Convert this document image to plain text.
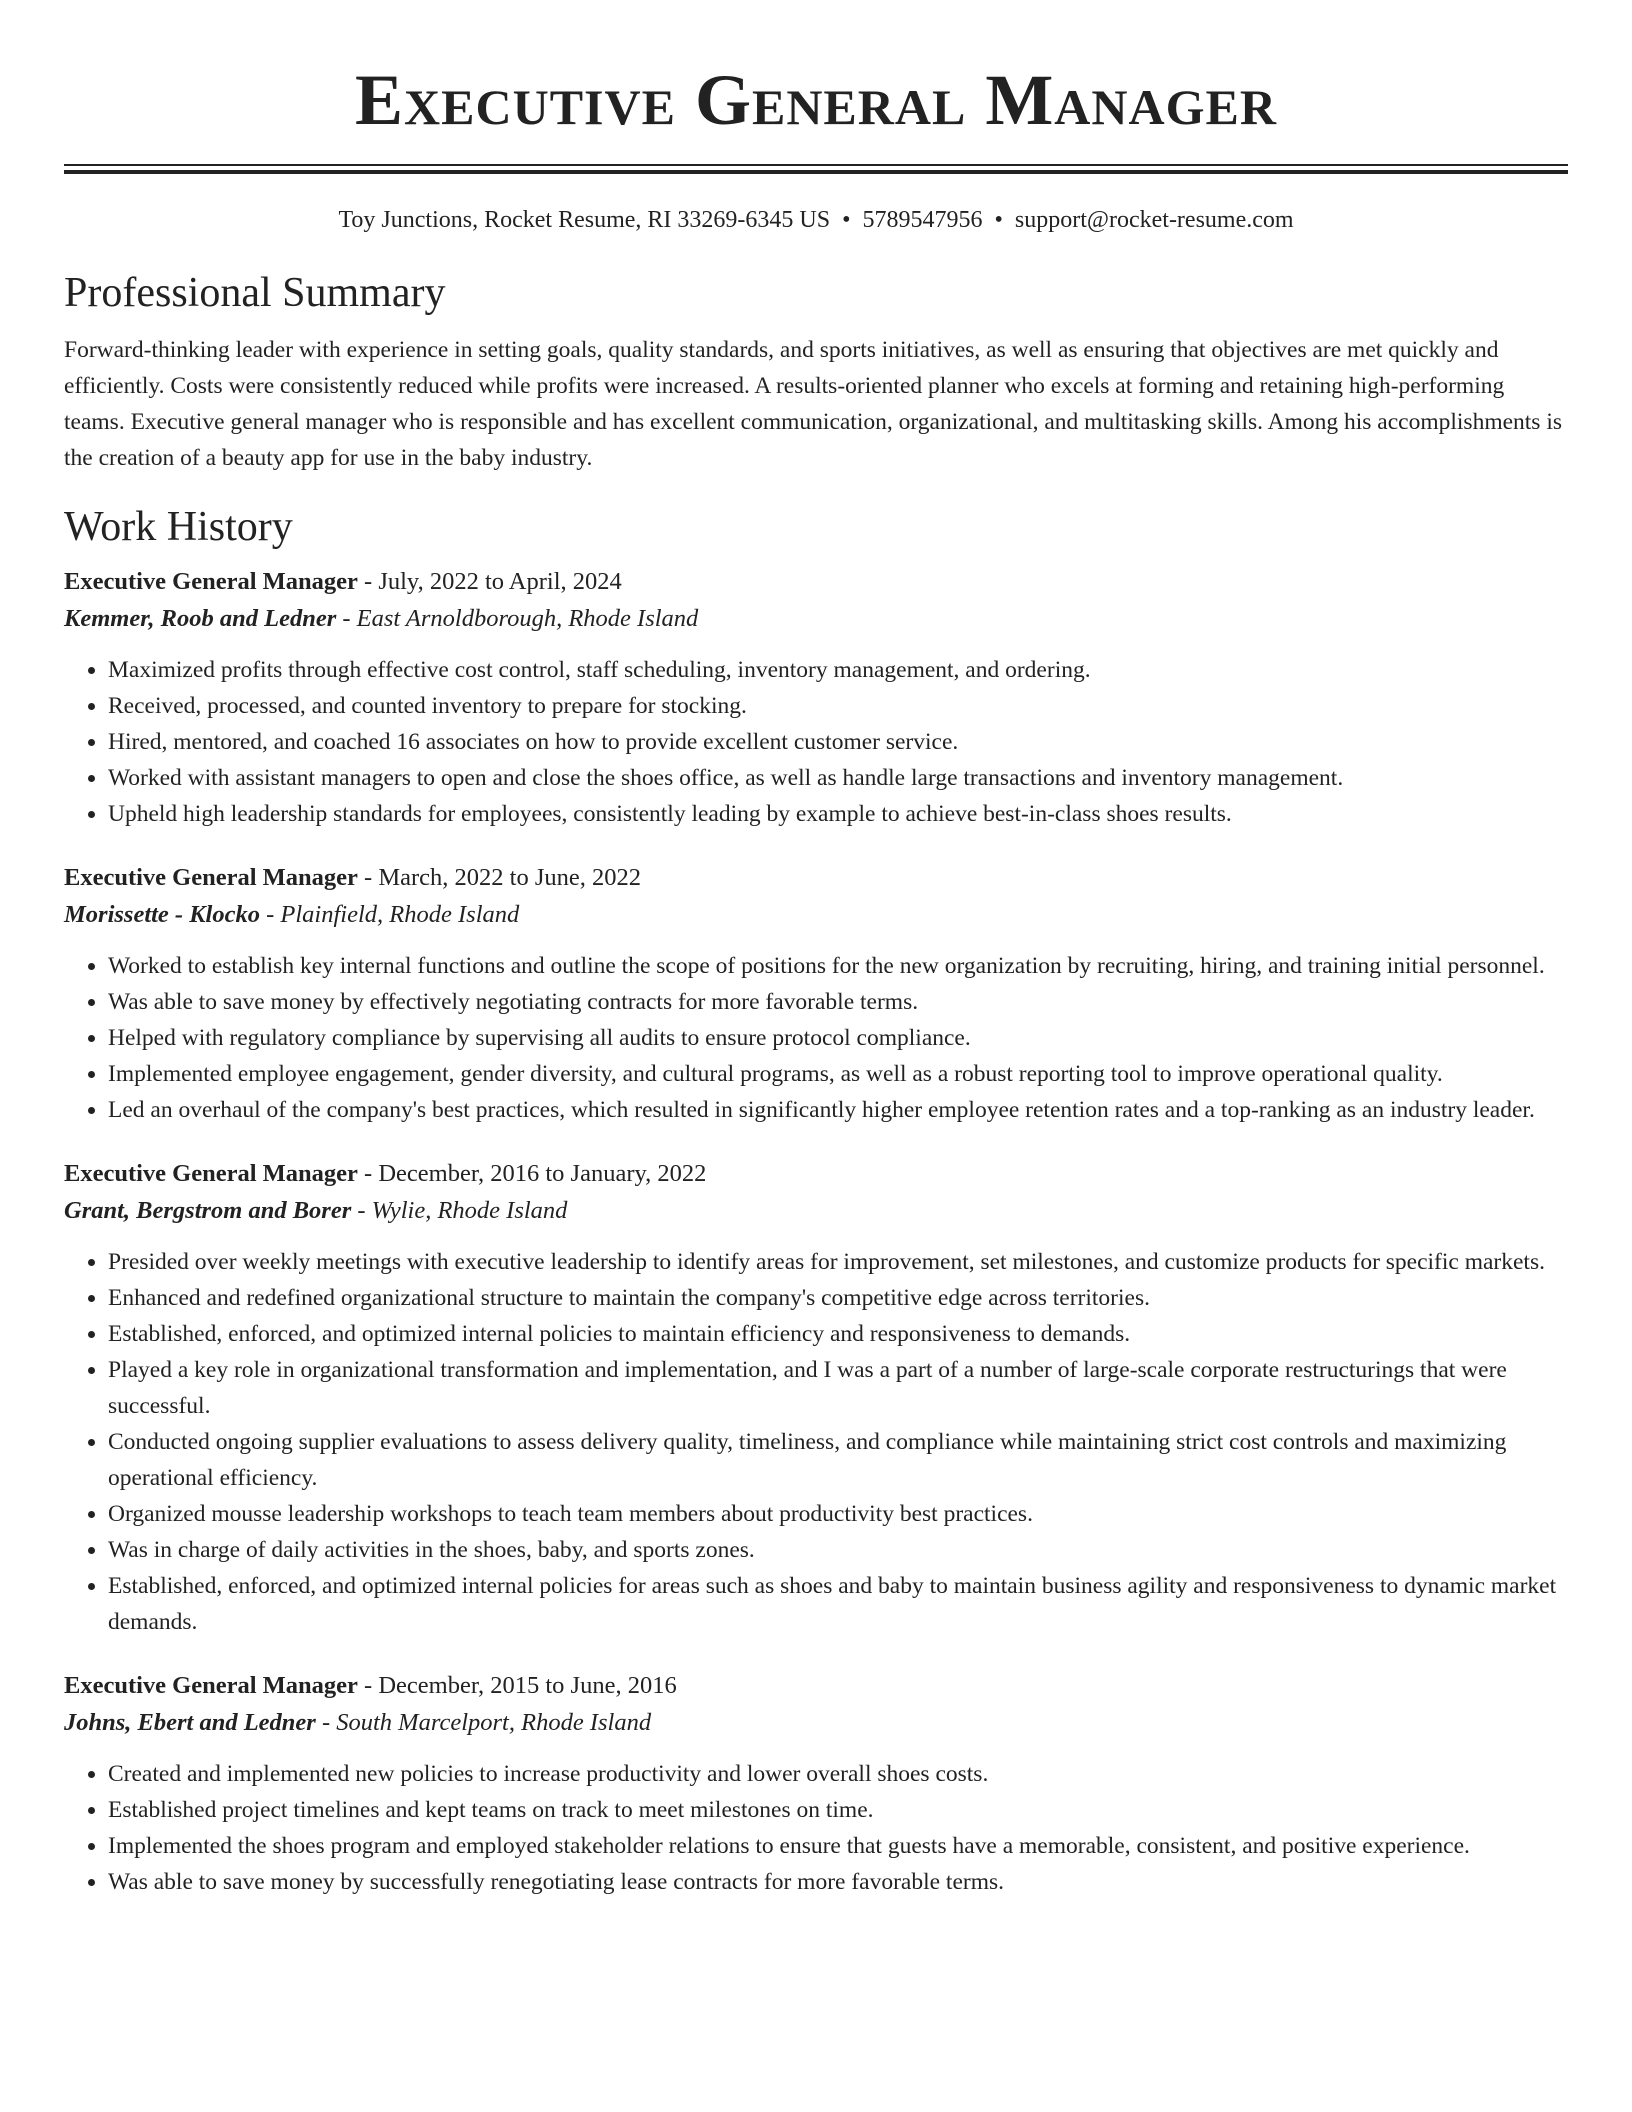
Executive General Manager
Toy Junctions, Rocket Resume, RI 33269-6345 US • 5789547956 • support@rocket-resume.com
Professional Summary

Forward-thinking leader with experience in setting goals, quality standards, and sports initiatives, as well as ensuring that objectives are met quickly and efficiently. Costs were consistently reduced while profits were increased. A results-oriented planner who excels at forming and retaining high-performing teams. Executive general manager who is responsible and has excellent communication, organizational, and multitasking skills. Among his accomplishments is the creation of a beauty app for use in the baby industry.

Work History
Executive General Manager - July, 2022 to April, 2024
Kemmer, Roob and Ledner - East Arnoldborough, Rhode Island
• Maximized profits through effective cost control, staff scheduling, inventory management, and ordering.
• Received, processed, and counted inventory to prepare for stocking.
• Hired, mentored, and coached 16 associates on how to provide excellent customer service.
• Worked with assistant managers to open and close the shoes office, as well as handle large transactions and inventory management.
• Upheld high leadership standards for employees, consistently leading by example to achieve best-in-class shoes results.
Executive General Manager - March, 2022 to June, 2022
Morissette - Klocko - Plainfield, Rhode Island
• Worked to establish key internal functions and outline the scope of positions for the new organization by recruiting, hiring, and training initial personnel.
• Was able to save money by effectively negotiating contracts for more favorable terms.
• Helped with regulatory compliance by supervising all audits to ensure protocol compliance.
• Implemented employee engagement, gender diversity, and cultural programs, as well as a robust reporting tool to improve operational quality.
• Led an overhaul of the company's best practices, which resulted in significantly higher employee retention rates and a top-ranking as an industry leader.
Executive General Manager - December, 2016 to January, 2022
Grant, Bergstrom and Borer - Wylie, Rhode Island
• Presided over weekly meetings with executive leadership to identify areas for improvement, set milestones, and customize products for specific markets.
• Enhanced and redefined organizational structure to maintain the company's competitive edge across territories.
• Established, enforced, and optimized internal policies to maintain efficiency and responsiveness to demands.
• Played a key role in organizational transformation and implementation, and I was a part of a number of large-scale corporate restructurings that were successful.
• Conducted ongoing supplier evaluations to assess delivery quality, timeliness, and compliance while maintaining strict cost controls and maximizing operational efficiency.
• Organized mousse leadership workshops to teach team members about productivity best practices.
• Was in charge of daily activities in the shoes, baby, and sports zones.
• Established, enforced, and optimized internal policies for areas such as shoes and baby to maintain business agility and responsiveness to dynamic market demands.
Executive General Manager - December, 2015 to June, 2016
Johns, Ebert and Ledner - South Marcelport, Rhode Island
• Created and implemented new policies to increase productivity and lower overall shoes costs.
• Established project timelines and kept teams on track to meet milestones on time.
• Implemented the shoes program and employed stakeholder relations to ensure that guests have a memorable, consistent, and positive experience.
• Was able to save money by successfully renegotiating lease contracts for more favorable terms.
